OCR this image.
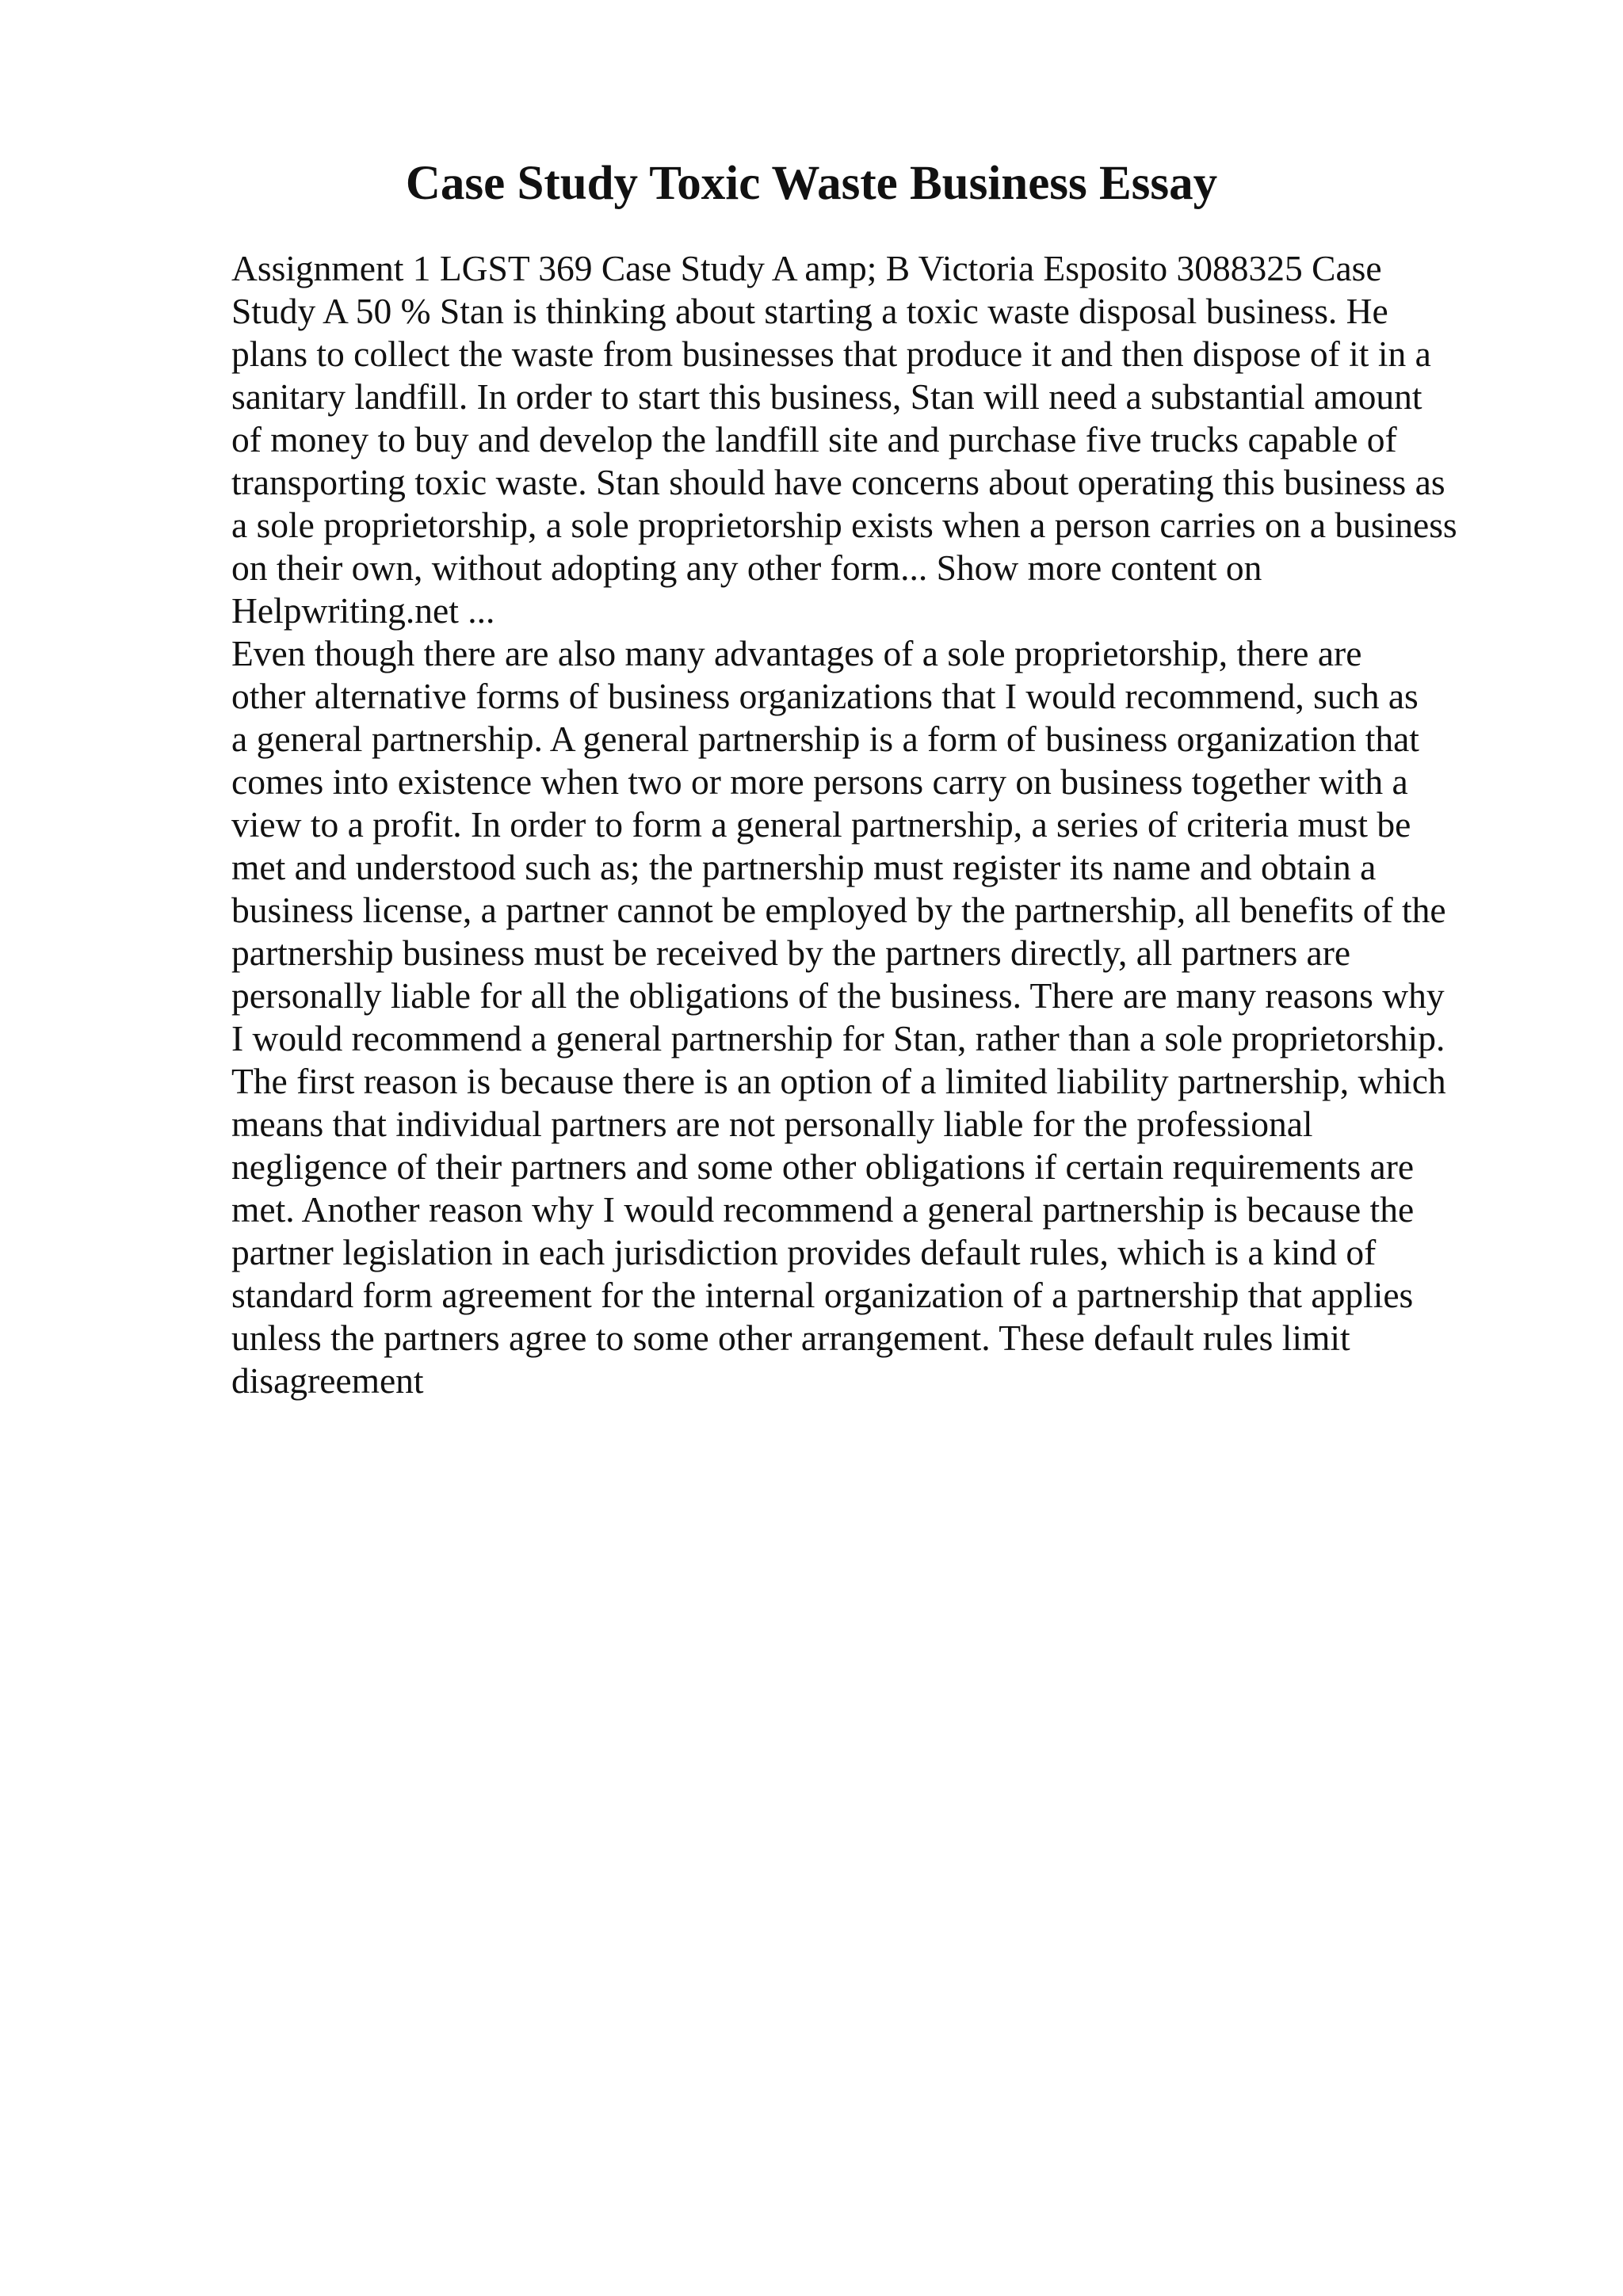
Case Study Toxic Waste Business Essay
Assignment 1 LGST 369 Case Study A amp; B Victoria Esposito 3088325 Case
Study A 50 % Stan is thinking about starting a toxic waste disposal business. He
plans to collect the waste from businesses that produce it and then dispose of it in a
sanitary landfill. In order to start this business, Stan will need a substantial amount
of money to buy and develop the landfill site and purchase five trucks capable of
transporting toxic waste. Stan should have concerns about operating this business as
a sole proprietorship, a sole proprietorship exists when a person carries on a business
on their own, without adopting any other form... Show more content on
Helpwriting.net ...
Even though there are also many advantages of a sole proprietorship, there are
other alternative forms of business organizations that I would recommend, such as
a general partnership. A general partnership is a form of business organization that
comes into existence when two or more persons carry on business together with a
view to a profit. In order to form a general partnership, a series of criteria must be
met and understood such as; the partnership must register its name and obtain a
business license, a partner cannot be employed by the partnership, all benefits of the
partnership business must be received by the partners directly, all partners are
personally liable for all the obligations of the business. There are many reasons why
I would recommend a general partnership for Stan, rather than a sole proprietorship.
The first reason is because there is an option of a limited liability partnership, which
means that individual partners are not personally liable for the professional
negligence of their partners and some other obligations if certain requirements are
met. Another reason why I would recommend a general partnership is because the
partner legislation in each jurisdiction provides default rules, which is a kind of
standard form agreement for the internal organization of a partnership that applies
unless the partners agree to some other arrangement. These default rules limit
disagreement
